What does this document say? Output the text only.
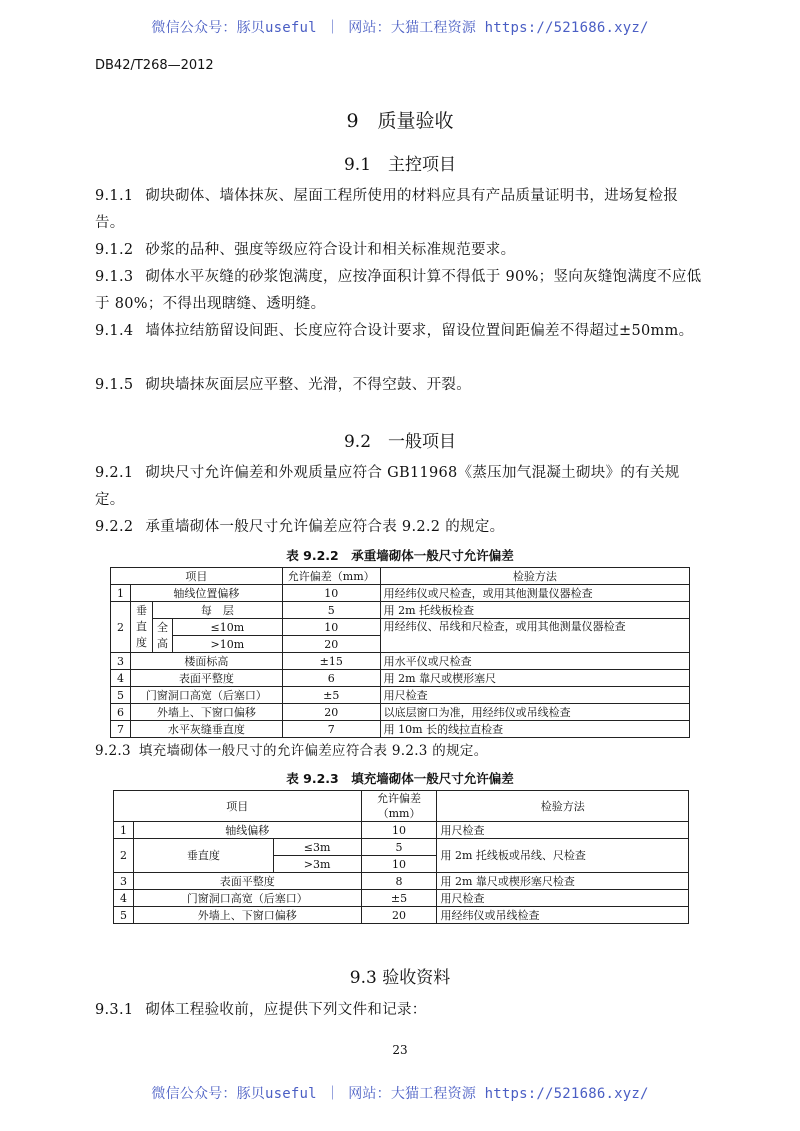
微信公众号：豚贝useful ｜ 网站：大猫工程资源 https://521686.xyz/
DB42/T268—2012
9　质量验收
9.1　主控项目
9.1.1 砌块砌体、墙体抹灰、屋面工程所使用的材料应具有产品质量证明书，进场复检报告。
9.1.2 砂浆的品种、强度等级应符合设计和相关标准规范要求。
9.1.3 砌体水平灰缝的砂浆饱满度，应按净面积计算不得低于 90%；竖向灰缝饱满度不应低于 80%；不得出现瞎缝、透明缝。
9.1.4 墙体拉结筋留设间距、长度应符合设计要求，留设位置间距偏差不得超过±50mm。
9.1.5 砌块墙抹灰面层应平整、光滑，不得空鼓、开裂。
9.2　一般项目
9.2.1 砌块尺寸允许偏差和外观质量应符合 GB11968《蒸压加气混凝土砌块》的有关规定。
9.2.2 承重墙砌体一般尺寸允许偏差应符合表 9.2.2 的规定。
表 9.2.2　承重墙砌体一般尺寸允许偏差
项目				允许偏差（mm）	检验方法
1	轴线位置偏移			10	用经纬仪或尺检查，或用其他测量仪器检查
2	垂直度	每　层		5	用 2m 托线板检查
		全高	≤10m	10	用经纬仪、吊线和尺检查，或用其他测量仪器检查
			>10m	20	
3	楼面标高			±15	用水平仪或尺检查
4	表面平整度			6	用 2m 靠尺或楔形塞尺
5	门窗洞口高宽（后塞口）			±5	用尺检查
6	外墙上、下窗口偏移			20	以底层窗口为准，用经纬仪或吊线检查
7	水平灰缝垂直度			7	用 10m 长的线拉直检查
9.2.3 填充墙砌体一般尺寸的允许偏差应符合表 9.2.3 的规定。
表 9.2.3　填充墙砌体一般尺寸允许偏差
项目			允许偏差（mm）	检验方法
1	轴线偏移		10	用尺检查
2	垂直度	≤3m	5	用 2m 托线板或吊线、尺检查
		>3m	10	
3	表面平整度		8	用 2m 靠尺或楔形塞尺检查
4	门窗洞口高宽（后塞口）		±5	用尺检查
5	外墙上、下窗口偏移		20	用经纬仪或吊线检查
9.3 验收资料
9.3.1 砌体工程验收前，应提供下列文件和记录：
23
微信公众号：豚贝useful ｜ 网站：大猫工程资源 https://521686.xyz/
